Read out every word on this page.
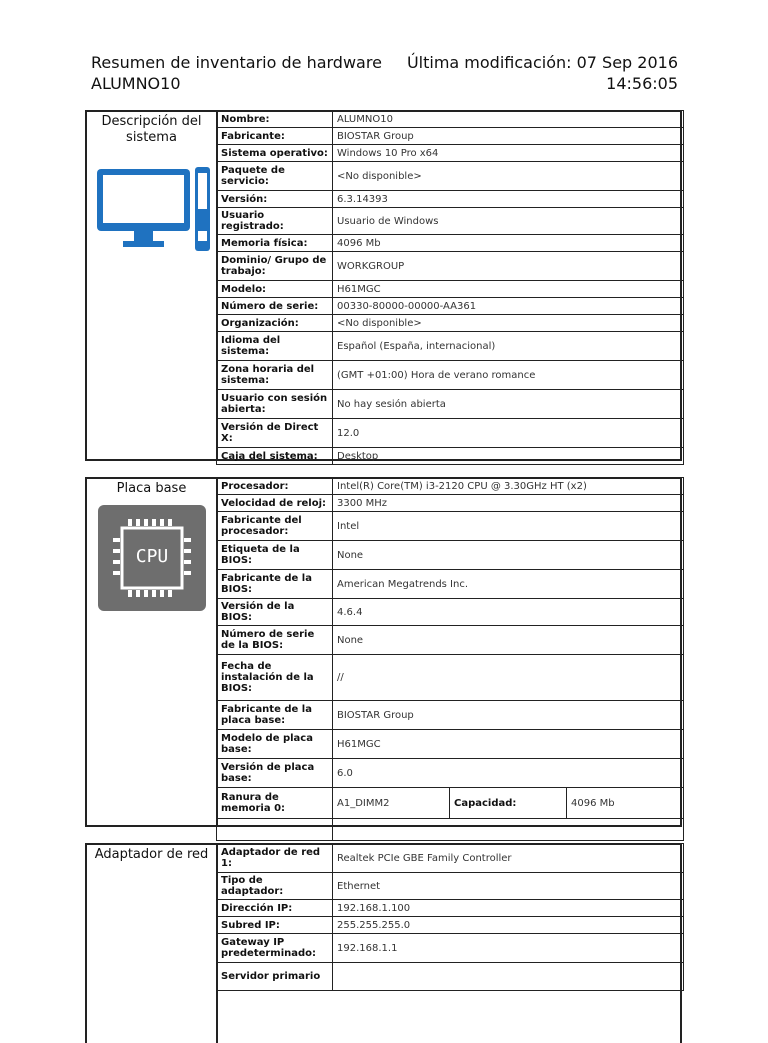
Resumen de inventario de hardware ALUMNO10
Última modificación: 07 Sep 2016 14:56:05
Descripción del sistema
Nombre:	ALUMNO10
Fabricante:	BIOSTAR Group
Sistema operativo:	Windows 10 Pro x64
Paquete de servicio:	<No disponible>
Versión:	6.3.14393
Usuario registrado:	Usuario de Windows
Memoria física:	4096 Mb
Dominio/ Grupo de trabajo:	WORKGROUP
Modelo:	H61MGC
Número de serie:	00330-80000-00000-AA361
Organización:	<No disponible>
Idioma del sistema:	Español (España, internacional)
Zona horaria del sistema:	(GMT +01:00) Hora de verano romance
Usuario con sesión abierta:	No hay sesión abierta
Versión de Direct X:	12.0
Caja del sistema:	Desktop
Placa base
CPU
Procesador:	Intel(R) Core(TM) i3-2120 CPU @ 3.30GHz HT (x2)		
Velocidad de reloj:	3300 MHz		
Fabricante del procesador:	Intel		
Etiqueta de la BIOS:	None		
Fabricante de la BIOS:	American Megatrends Inc.		
Versión de la BIOS:	4.6.4		
Número de serie de la BIOS:	None		
Fecha de instalación de la BIOS:	//		
Fabricante de la placa base:	BIOSTAR Group		
Modelo de placa base:	H61MGC		
Versión de placa base:	6.0		
Ranura de memoria 0:	A1_DIMM2	Capacidad:	4096 Mb

Adaptador de red	Adaptador de red 1:	Realtek PCIe GBE Family Controller
Tipo de adaptador:	Ethernet
Dirección IP:	192.168.1.100
Subred IP:	255.255.255.0
Gateway IP predeterminado:	192.168.1.1
Servidor primario	
